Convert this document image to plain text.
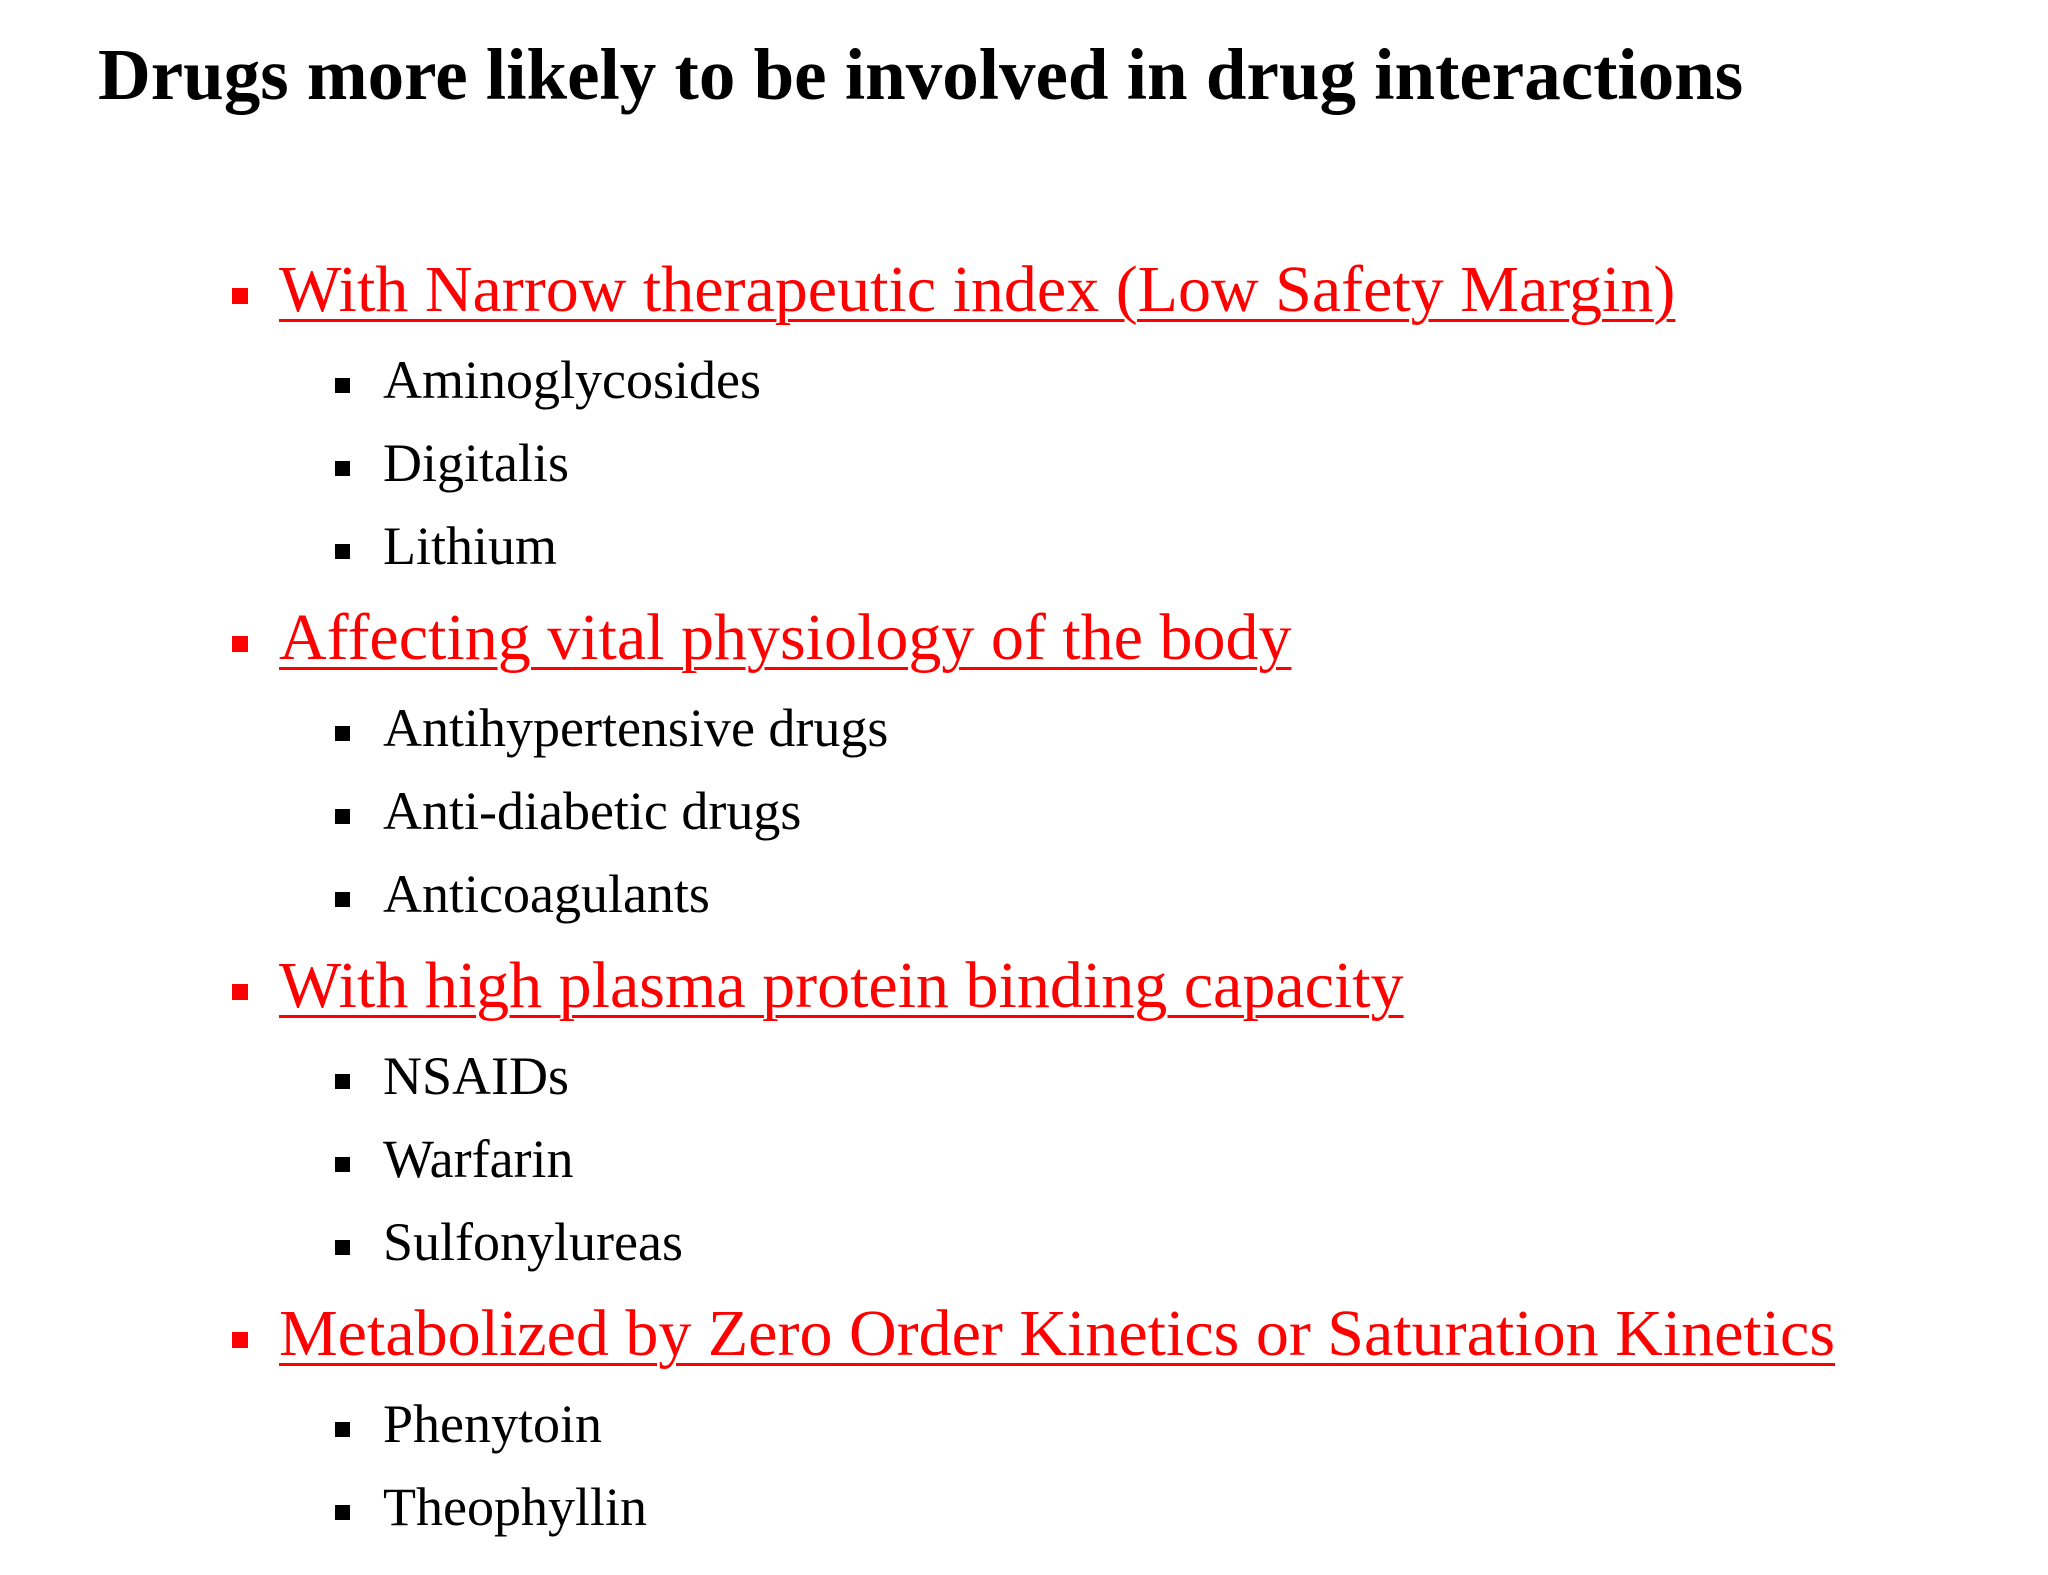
Drugs more likely to be involved in drug interactions
With Narrow therapeutic index (Low Safety Margin)
Aminoglycosides
Digitalis
Lithium
Affecting vital physiology of the body
Antihypertensive drugs
Anti-diabetic drugs
Anticoagulants
With high plasma protein binding capacity
NSAIDs
Warfarin
Sulfonylureas
Metabolized by Zero Order Kinetics or Saturation Kinetics
Phenytoin
Theophyllin
